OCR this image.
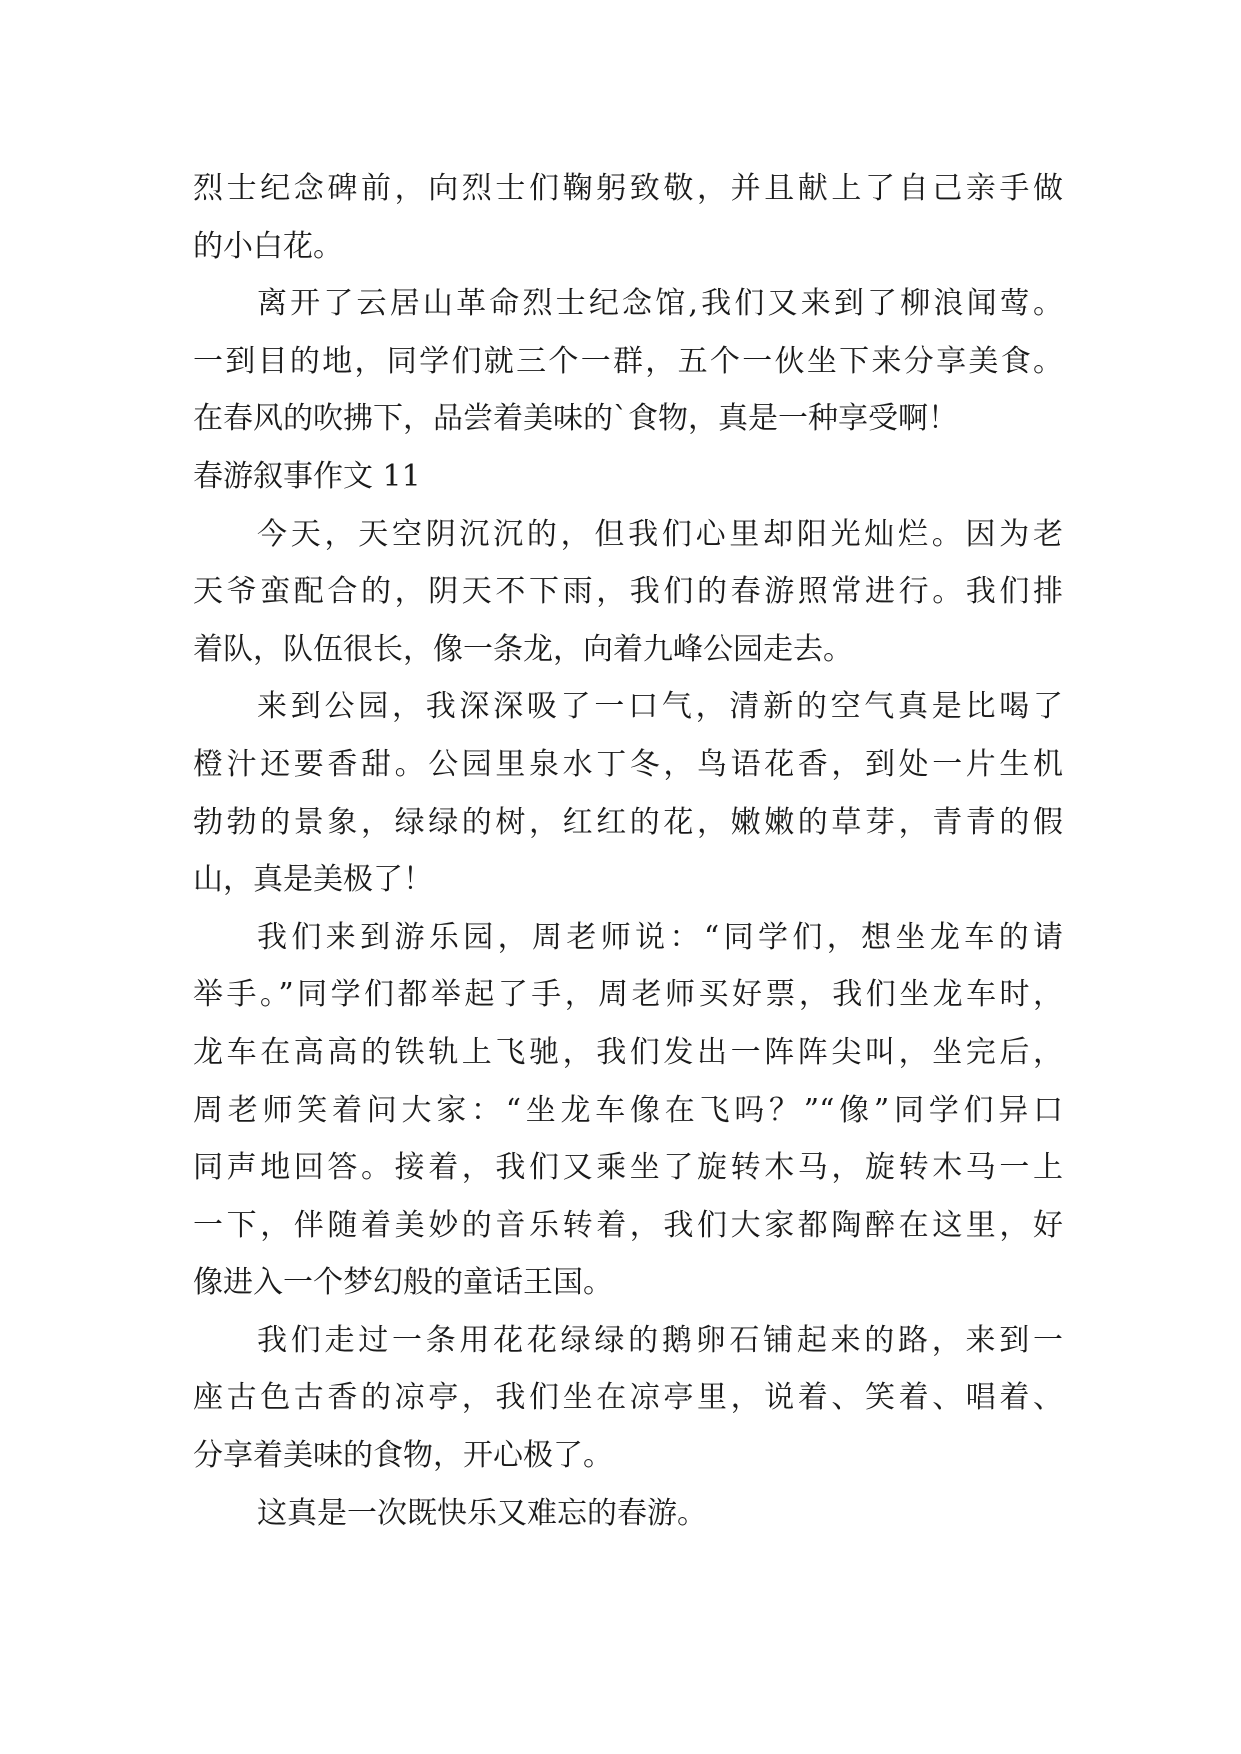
烈士纪念碑前，向烈士们鞠躬致敬，并且献上了自己亲手做
的小白花。
离开了云居山革命烈士纪念馆,我们又来到了柳浪闻莺。
一到目的地，同学们就三个一群，五个一伙坐下来分享美食。
在春风的吹拂下，品尝着美味的`食物，真是一种享受啊！
春游叙事作文 11
今天，天空阴沉沉的，但我们心里却阳光灿烂。因为老
天爷蛮配合的，阴天不下雨，我们的春游照常进行。我们排
着队，队伍很长，像一条龙，向着九峰公园走去。
来到公园，我深深吸了一口气，清新的空气真是比喝了
橙汁还要香甜。公园里泉水丁冬，鸟语花香，到处一片生机
勃勃的景象，绿绿的树，红红的花，嫩嫩的草芽，青青的假
山，真是美极了！
我们来到游乐园，周老师说：“同学们，想坐龙车的请
举手。”同学们都举起了手，周老师买好票，我们坐龙车时，
龙车在高高的铁轨上飞驰，我们发出一阵阵尖叫，坐完后，
周老师笑着问大家：“坐龙车像在飞吗？”“像”同学们异口
同声地回答。接着，我们又乘坐了旋转木马，旋转木马一上
一下，伴随着美妙的音乐转着，我们大家都陶醉在这里，好
像进入一个梦幻般的童话王国。
我们走过一条用花花绿绿的鹅卵石铺起来的路，来到一
座古色古香的凉亭，我们坐在凉亭里，说着、笑着、唱着、
分享着美味的食物，开心极了。
这真是一次既快乐又难忘的春游。
